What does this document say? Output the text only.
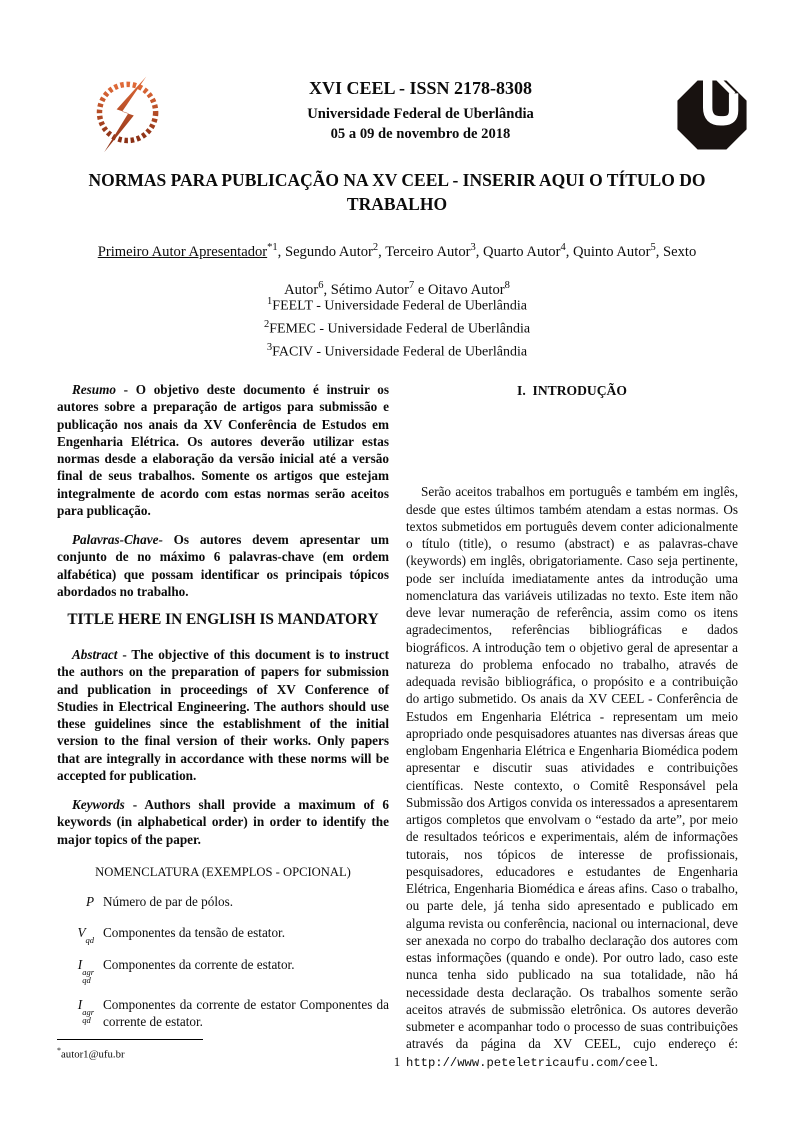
XVI CEEL - ISSN 2178-8308
Universidade Federal de Uberlândia
05 a 09 de novembro de 2018
NORMAS PARA PUBLICAÇÃO NA XV CEEL - INSERIR AQUI O TÍTULO DO
TRABALHO
Primeiro Autor Apresentador$^{*1}$, Segundo Autor$^2$, Terceiro Autor$^3$, Quarto Autor$^4$, Quinto Autor$^5$, Sexto
Autor$^6$, Sétimo Autor$^7$ e Oitavo Autor$^8$
$^1$FEELT - Universidade Federal de Uberlândia
$^2$FEMEC - Universidade Federal de Uberlândia
$^3$FACIV - Universidade Federal de Uberlândia

Resumo - O objetivo deste documento é instruir os autores sobre a preparação de artigos para submissão e publicação nos anais da XV Conferência de Estudos em Engenharia Elétrica. Os autores deverão utilizar estas normas desde a elaboração da versão inicial até a versão final de seus trabalhos. Somente os artigos que estejam integralmente de acordo com estas normas serão aceitos para publicação.

Palavras-Chave- Os autores devem apresentar um conjunto de no máximo 6 palavras-chave (em ordem alfabética) que possam identificar os principais tópicos abordados no trabalho.

TITLE HERE IN ENGLISH IS MANDATORY

Abstract - The objective of this document is to instruct the authors on the preparation of papers for submission and publication in proceedings of XV Conference of Studies in Electrical Engineering. The authors should use these guidelines since the establishment of the initial version to the final version of their works. Only papers that are integrally in accordance with these norms will be accepted for publication.

Keywords - Authors shall provide a maximum of 6 keywords (in alphabetical order) in order to identify the major topics of the paper.

NOMENCLATURA (EXEMPLOS - OPCIONAL)

P Número de par de pólos.
V qd Componentes da tensão de estator.
I agr
qd
Componentes da corrente de estator.
I agr
qd
Componentes da corrente de estator Componentes da corrente de estator.

*autor1@ufu.br

I.  INTRODUÇÃO

Serão aceitos trabalhos em português e também em inglês, desde que estes últimos também atendam a estas normas. Os textos submetidos em português devem conter adicionalmente o título (title), o resumo (abstract) e as palavras-chave (keywords) em inglês, obrigatoriamente. Caso seja pertinente, pode ser incluída imediatamente antes da introdução uma nomenclatura das variáveis utilizadas no texto. Este item não deve levar numeração de referência, assim como os itens agradecimentos, referências bibliográficas e dados biográficos. A introdução tem o objetivo geral de apresentar a natureza do problema enfocado no trabalho, através de adequada revisão bibliográfica, o propósito e a contribuição do artigo submetido. Os anais da XV CEEL - Conferência de Estudos em Engenharia Elétrica - representam um meio apropriado onde pesquisadores atuantes nas diversas áreas que englobam Engenharia Elétrica e Engenharia Biomédica podem apresentar e discutir suas atividades e contribuições científicas. Neste contexto, o Comitê Responsável pela Submissão dos Artigos convida os interessados a apresentarem artigos completos que envolvam o “estado da arte”, por meio de resultados teóricos e experimentais, além de informações tutorais, nos tópicos de interesse de profissionais, pesquisadores, educadores e estudantes de Engenharia Elétrica, Engenharia Biomédica e áreas afins. Caso o trabalho, ou parte dele, já tenha sido apresentado e publicado em alguma revista ou conferência, nacional ou internacional, deve ser anexada no corpo do trabalho declaração dos autores com estas informações (quando e onde). Por outro lado, caso este nunca tenha sido publicado na sua totalidade, não há necessidade desta declaração. Os trabalhos somente serão aceitos através de submissão eletrônica. Os autores deverão submeter e acompanhar todo o processo de suas contribuições através da página da XV CEEL, cujo endereço é: http://www.peteletricaufu.com/ceel.

1
